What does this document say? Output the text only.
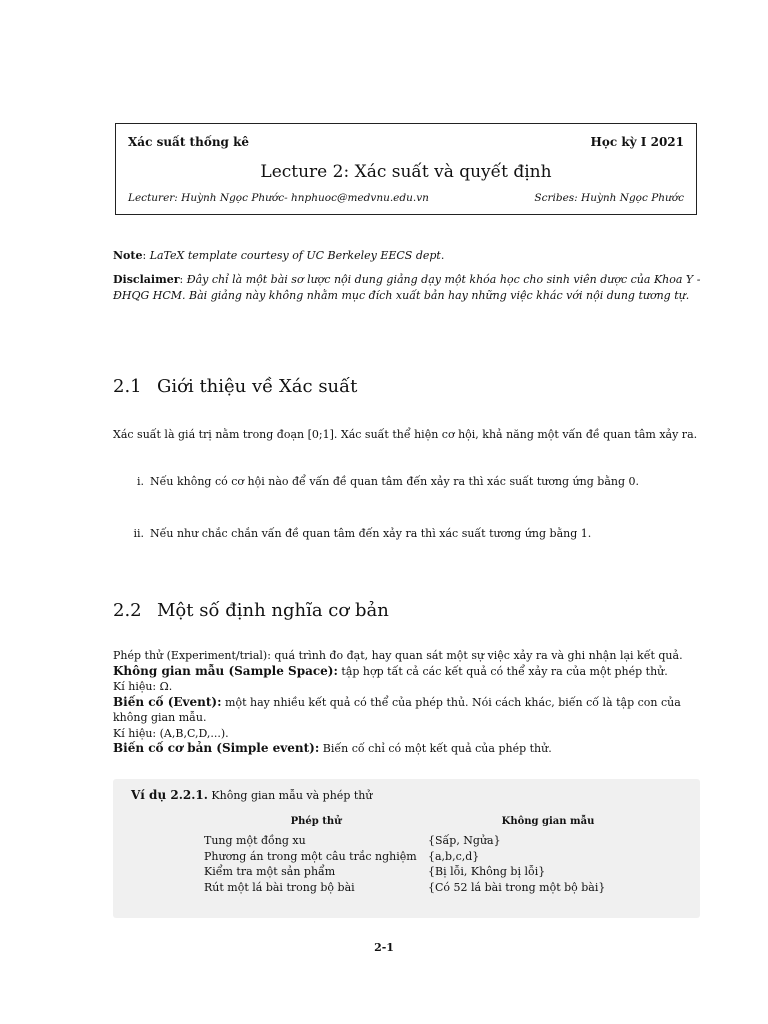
Xác suất thống kê	Học kỳ I 2021
Lecture 2: Xác suất và quyết định
Lecturer: Huỳnh Ngọc Phước- hnphuoc@medvnu.edu.vn	Scribes: Huỳnh Ngọc Phước
Note: LaTeX template courtesy of UC Berkeley EECS dept.
Disclaimer: Đây chỉ là một bài sơ lược nội dung giảng dạy một khóa học cho sinh viên dược của Khoa Y - ĐHQG HCM. Bài giảng này không nhằm mục đích xuất bản hay những việc khác với nội dung tương tự.
2.1 Giới thiệu về Xác suất
Xác suất là giá trị nằm trong đoạn [0;1]. Xác suất thể hiện cơ hội, khả năng một vấn đề quan tâm xảy ra.
i. Nếu không có cơ hội nào để vấn đề quan tâm đến xảy ra thì xác suất tương ứng bằng 0.
ii. Nếu như chắc chắn vấn đề quan tâm đến xảy ra thì xác suất tương ứng bằng 1.
2.2 Một số định nghĩa cơ bản
Phép thử (Experiment/trial): quá trình đo đạt, hay quan sát một sự việc xảy ra và ghi nhận lại kết quả.
Không gian mẫu (Sample Space): tập hợp tất cả các kết quả có thể xảy ra của một phép thử.
Kí hiệu: Ω.
Biến cố (Event): một hay nhiều kết quả có thể của phép thủ. Nói cách khác, biến cố là tập con của không gian mẫu.
Kí hiệu: (A,B,C,D,...).
Biến cố cơ bản (Simple event): Biến cố chỉ có một kết quả của phép thử.
Ví dụ 2.2.1. Không gian mẫu và phép thử
Phép thử	Không gian mẫu
Tung một đồng xu	{Sấp, Ngửa}
Phương án trong một câu trắc nghiệm	{a,b,c,d}
Kiểm tra một sản phẩm	{Bị lỗi, Không bị lỗi}
Rút một lá bài trong bộ bài	{Có 52 lá bài trong một bộ bài}
2-1
